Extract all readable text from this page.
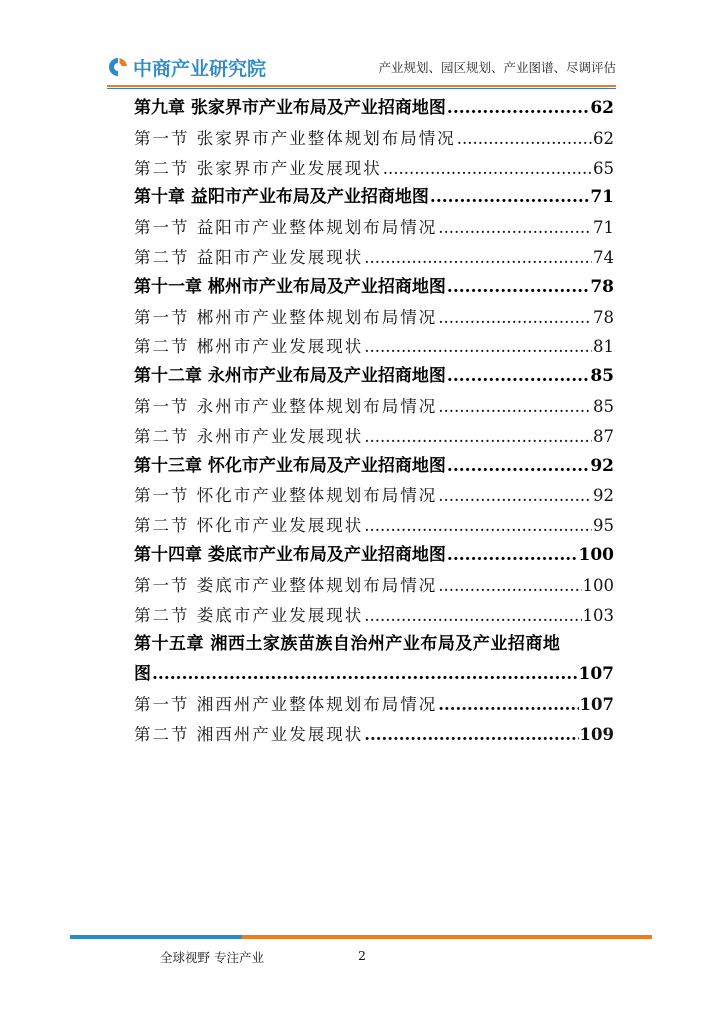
中商产业研究院	产业规划、园区规划、产业图谱、尽调评估
第九章 张家界市产业布局及产业招商地图 .....	62
第一节 张家界市产业整体规划布局情况 .....	62
第二节 张家界市产业发展现状 .....	65
第十章 益阳市产业布局及产业招商地图 .....	71
第一节 益阳市产业整体规划布局情况 .....	71
第二节 益阳市产业发展现状 .....	74
第十一章 郴州市产业布局及产业招商地图 .....	78
第一节 郴州市产业整体规划布局情况 .....	78
第二节 郴州市产业发展现状 .....	81
第十二章 永州市产业布局及产业招商地图 .....	85
第一节 永州市产业整体规划布局情况 .....	85
第二节 永州市产业发展现状 .....	87
第十三章 怀化市产业布局及产业招商地图 .....	92
第一节 怀化市产业整体规划布局情况 .....	92
第二节 怀化市产业发展现状 .....	95
第十四章 娄底市产业布局及产业招商地图 .....	100
第一节 娄底市产业整体规划布局情况 .....	100
第二节 娄底市产业发展现状 .....	103
第十五章 湘西土家族苗族自治州产业布局及产业招商地
图 .....	107
第一节 湘西州产业整体规划布局情况 .....	107
第二节 湘西州产业发展现状 .....	109
全球视野 专注产业	2
